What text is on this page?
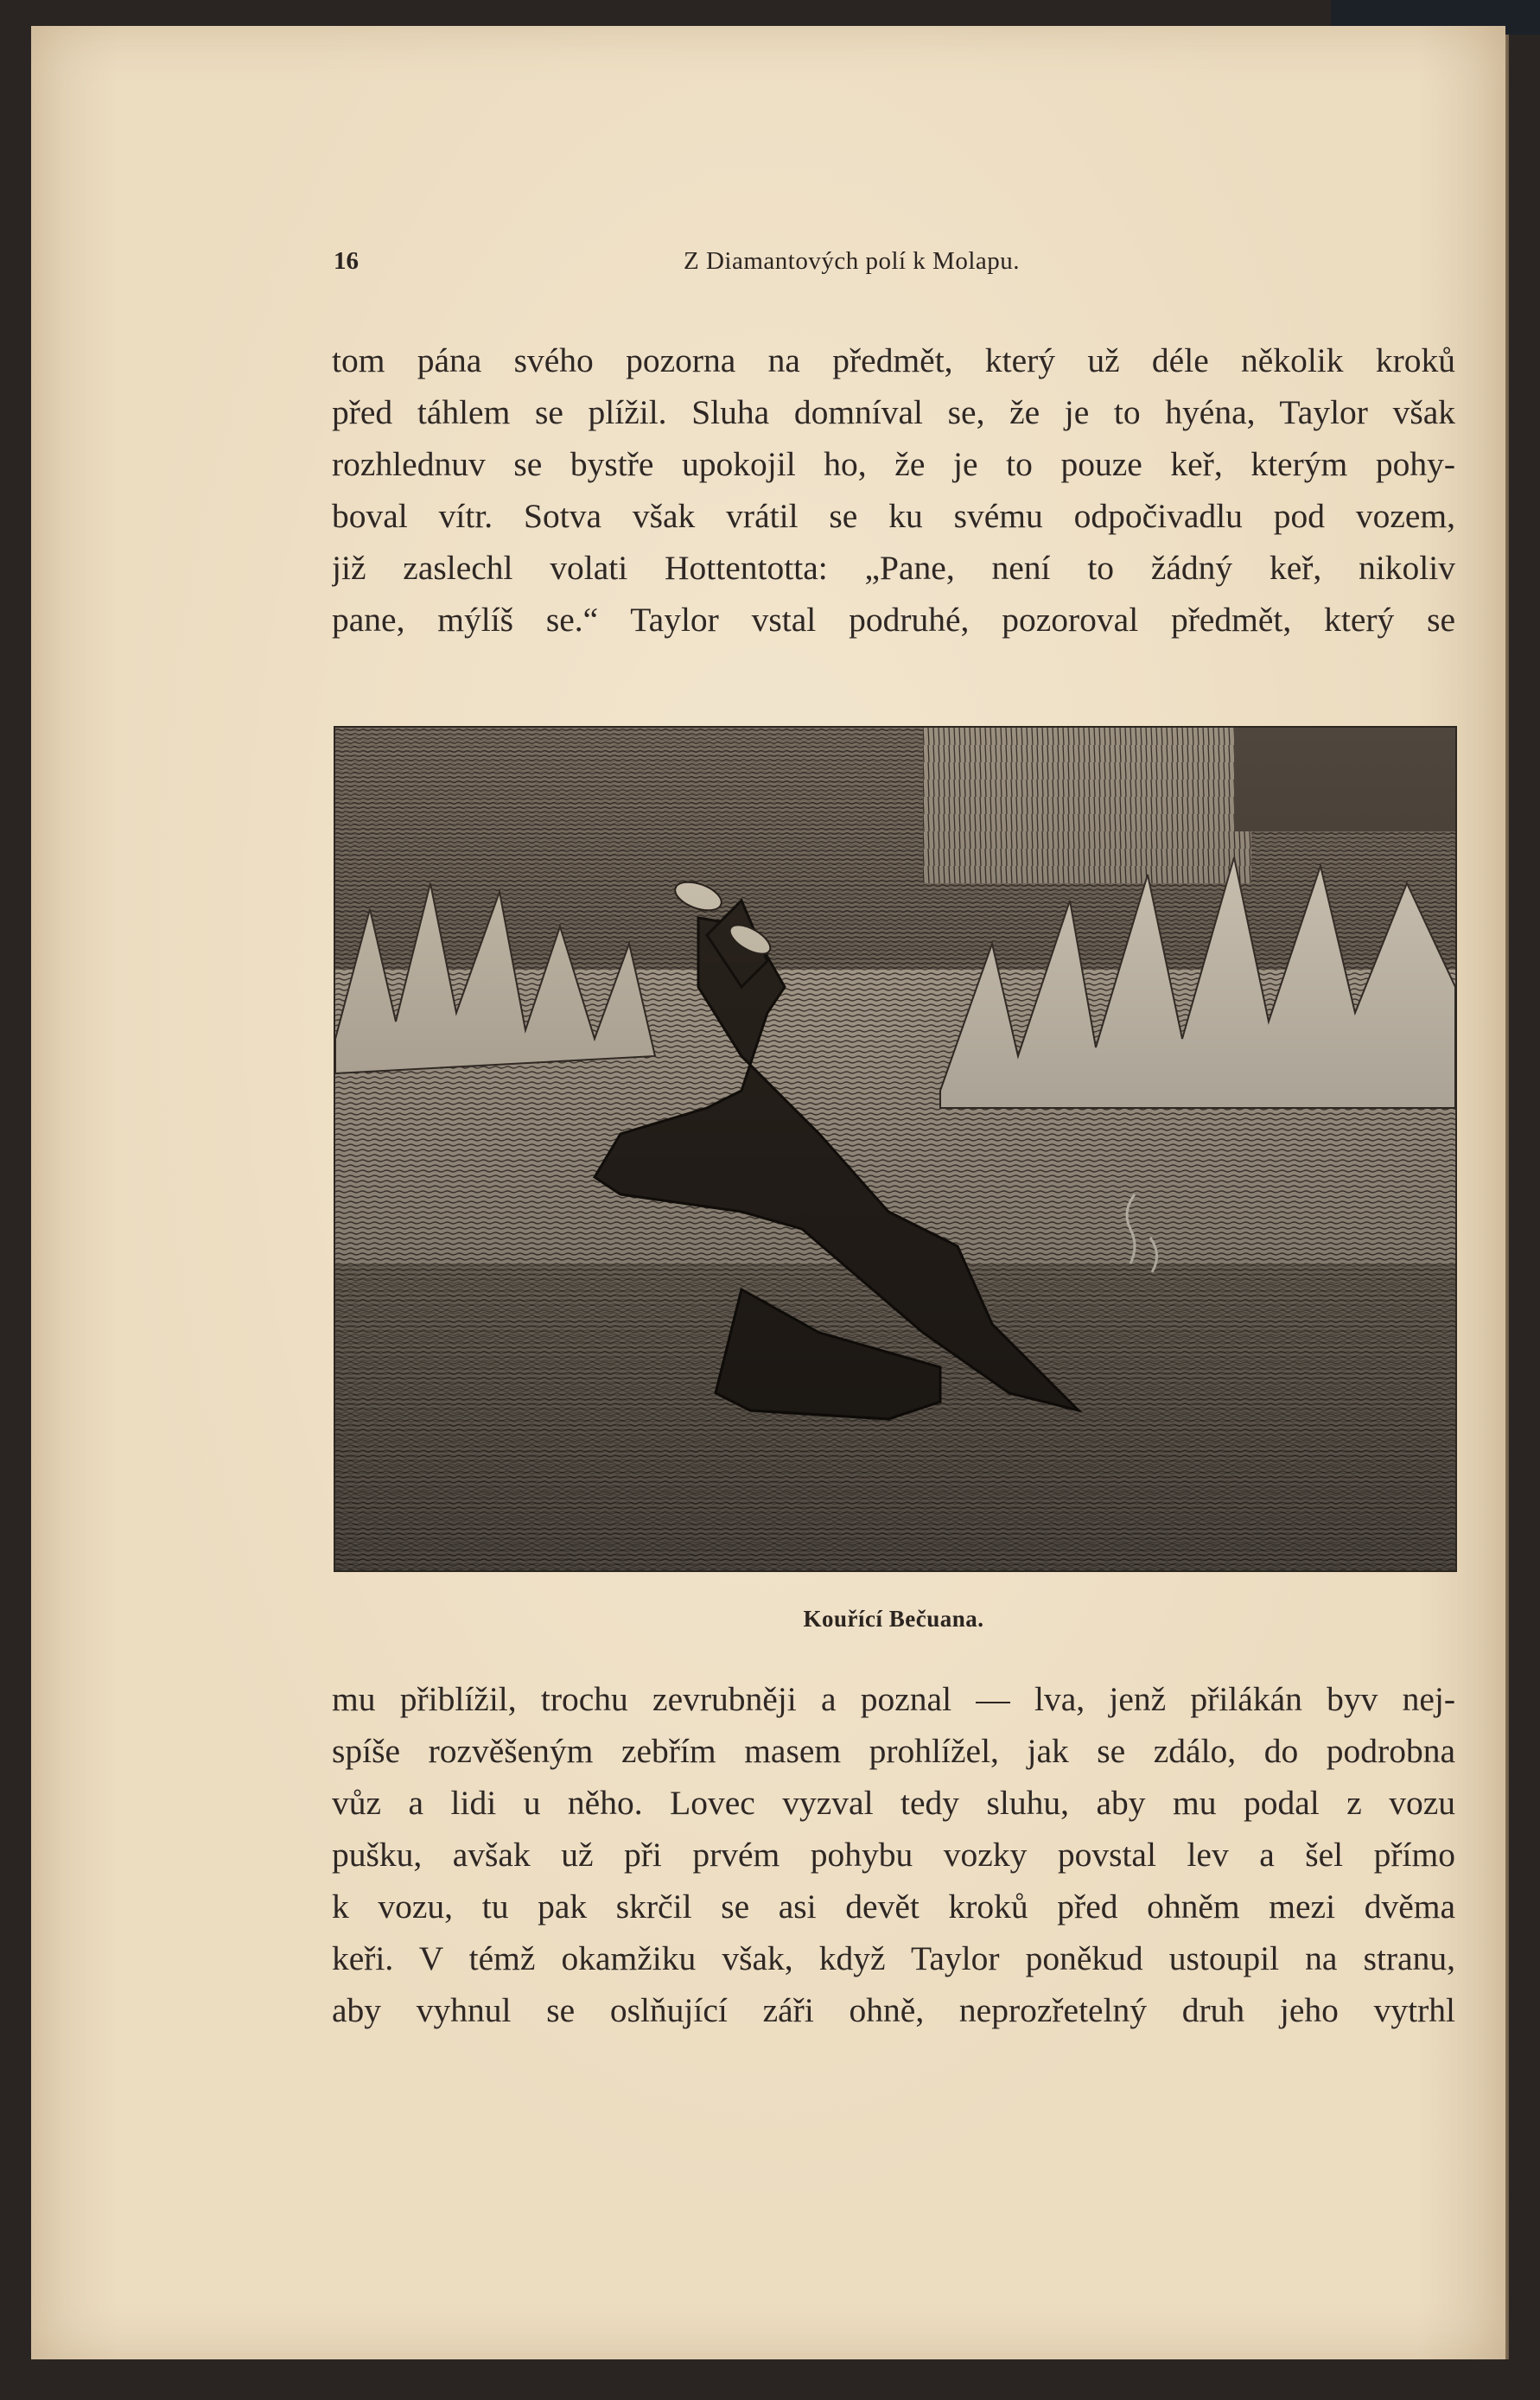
16	Z Diamantových polí k Molapu.
tom pána svého pozorna na předmět, který už déle několik kroků
před táhlem se plížil. Sluha domníval se, že je to hyéna, Taylor však
rozhlednuv se bystře upokojil ho, že je to pouze keř, kterým pohy-
boval vítr. Sotva však vrátil se ku svému odpočivadlu pod vozem,
již zaslechl volati Hottentotta: „Pane, není to žádný keř, nikoliv
pane, mýlíš se.“ Taylor vstal podruhé, pozoroval předmět, který se
Kouřící Bečuana.
mu přiblížil, trochu zevrubněji a poznal — lva, jenž přilákán byv nej-
spíše rozvěšeným zebřím masem prohlížel, jak se zdálo, do podrobna
vůz a lidi u něho. Lovec vyzval tedy sluhu, aby mu podal z vozu
pušku, avšak už při prvém pohybu vozky povstal lev a šel přímo
k vozu, tu pak skrčil se asi devět kroků před ohněm mezi dvěma
keři. V témž okamžiku však, když Taylor poněkud ustoupil na stranu,
aby vyhnul se oslňující záři ohně, neprozřetelný druh jeho vytrhl
